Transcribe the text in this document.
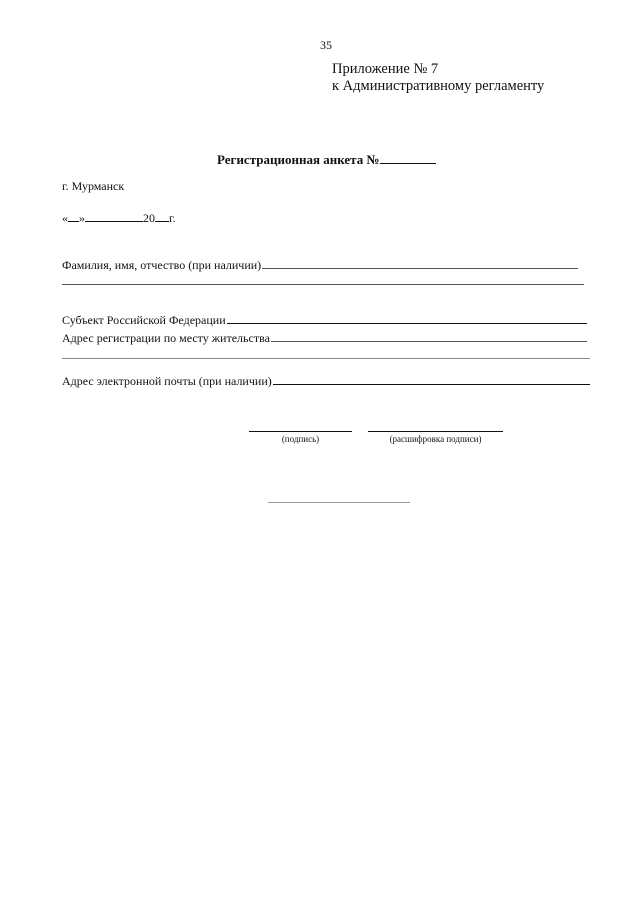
35
Приложение № 7
к Административному регламенту
Регистрационная анкета №
г. Мурманск
« »	20 г.
Фамилия, имя, отчество (при наличии)
Субъект Российской Федерации
Адрес регистрации по месту жительства
Адрес электронной почты (при наличии)
(подпись)	(расшифровка подписи)
